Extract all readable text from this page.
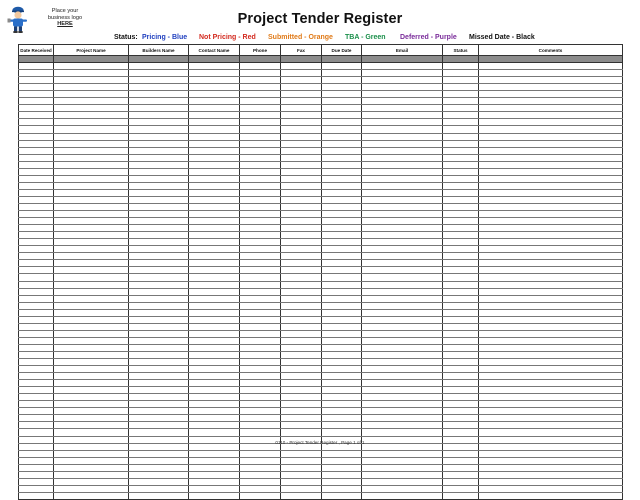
Place your
business logo
HERE	Project Tender Register
Status: Pricing - Blue Not Pricing - Red Submitted - Orange TBA - Green Deferred - Purple Missed Date - Black
Date Received	Project Name	Builders Name	Contact Name	Phone	Fax	Due Date	Email	Status	Comments

0110 - Project Tender Register , Page 1 of 1
